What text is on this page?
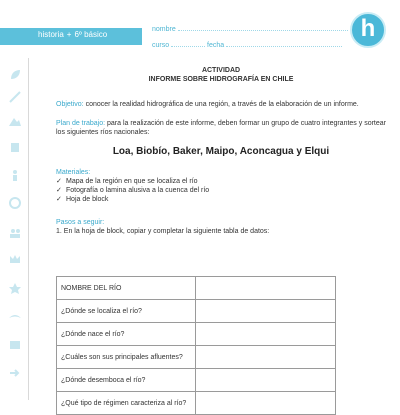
historia + 6º básico
nombre
curso	fecha
h
ACTIVIDAD
INFORME SOBRE HIDROGRAFÍA EN CHILE
Objetivo: conocer la realidad hidrográfica de una región, a través de la elaboración de un informe.
Plan de trabajo: para la realización de este informe, deben formar un grupo de cuatro integrantes y sortear los siguientes ríos nacionales:
Loa, Biobío, Baker, Maipo, Aconcagua y Elqui
Materiales:
✓ Mapa de la región en que se localiza el río
✓ Fotografía o lamina alusiva a la cuenca del río
✓ Hoja de block
Pasos a seguir:
1. En la hoja de block, copiar y completar la siguiente tabla de datos:
NOMBRE DEL RÍO	
¿Dónde se localiza el río?	
¿Dónde nace el río?	
¿Cuáles son sus principales afluentes?	
¿Dónde desemboca el río?	
¿Qué tipo de régimen caracteriza al río?	
